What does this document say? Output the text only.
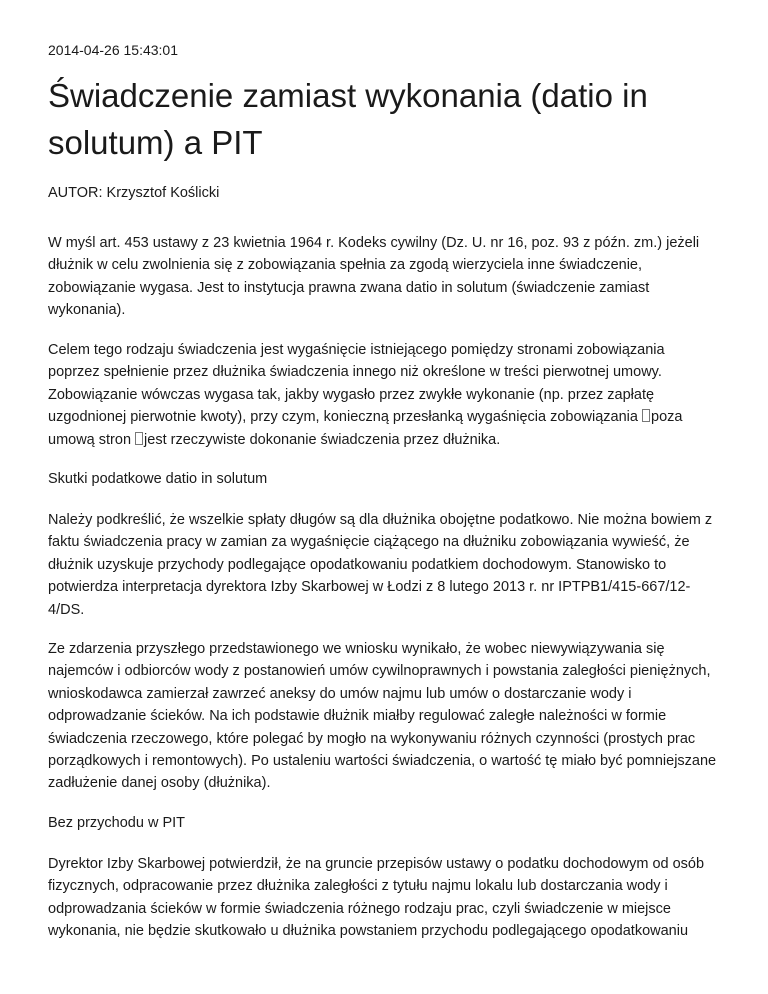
2014-04-26 15:43:01
Świadczenie zamiast wykonania (datio in solutum) a PIT
AUTOR: Krzysztof Koślicki

W myśl art. 453 ustawy z 23 kwietnia 1964 r. Kodeks cywilny (Dz. U. nr 16, poz. 93 z późn. zm.) jeżeli dłużnik w celu zwolnienia się z zobowiązania spełnia za zgodą wierzyciela inne świadczenie, zobowiązanie wygasa. Jest to instytucja prawna zwana datio in solutum (świadczenie zamiast wykonania).

Celem tego rodzaju świadczenia jest wygaśnięcie istniejącego pomiędzy stronami zobowiązania poprzez spełnienie przez dłużnika świadczenia innego niż określone w treści pierwotnej umowy. Zobowiązanie wówczas wygasa tak, jakby wygasło przez zwykłe wykonanie (np. przez zapłatę uzgodnionej pierwotnie kwoty), przy czym, konieczną przesłanką wygaśnięcia zobowiązania poza umową stron jest rzeczywiste dokonanie świadczenia przez dłużnika.

Skutki podatkowe datio in solutum

Należy podkreślić, że wszelkie spłaty długów są dla dłużnika obojętne podatkowo. Nie można bowiem z faktu świadczenia pracy w zamian za wygaśnięcie ciążącego na dłużniku zobowiązania wywieść, że dłużnik uzyskuje przychody podlegające opodatkowaniu podatkiem dochodowym. Stanowisko to potwierdza interpretacja dyrektora Izby Skarbowej w Łodzi z 8 lutego 2013 r. nr IPTPB1/415-667/12-4/DS.

Ze zdarzenia przyszłego przedstawionego we wniosku wynikało, że wobec niewywiązywania się najemców i odbiorców wody z postanowień umów cywilnoprawnych i powstania zaległości pieniężnych, wnioskodawca zamierzał zawrzeć aneksy do umów najmu lub umów o dostarczanie wody i odprowadzanie ścieków. Na ich podstawie dłużnik miałby regulować zaległe należności w formie świadczenia rzeczowego, które polegać by mogło na wykonywaniu różnych czynności (prostych prac porządkowych i remontowych). Po ustaleniu wartości świadczenia, o wartość tę miało być pomniejszane zadłużenie danej osoby (dłużnika).

Bez przychodu w PIT

Dyrektor Izby Skarbowej potwierdził, że na gruncie przepisów ustawy o podatku dochodowym od osób fizycznych, odpracowanie przez dłużnika zaległości z tytułu najmu lokalu lub dostarczania wody i odprowadzania ścieków w formie świadczenia różnego rodzaju prac, czyli świadczenie w miejsce wykonania, nie będzie skutkowało u dłużnika powstaniem przychodu podlegającego opodatkowaniu
